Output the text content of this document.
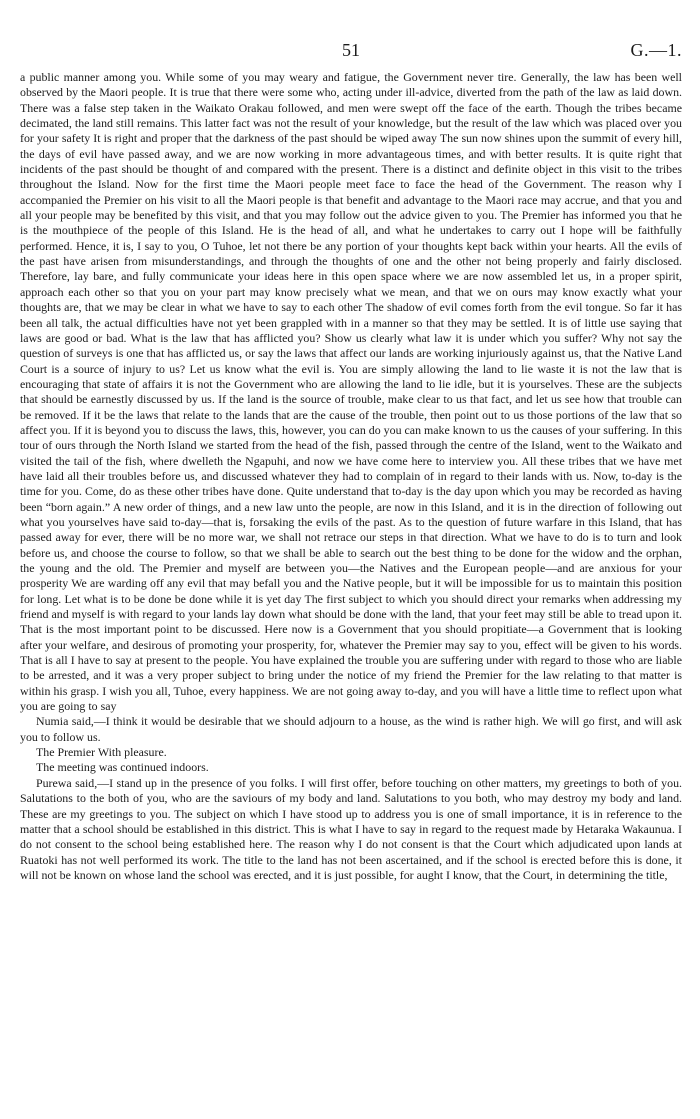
51	G.—1.

a public manner among you. While some of you may weary and fatigue, the Government never tire. Generally, the law has been well observed by the Maori people. It is true that there were some who, acting under ill-advice, diverted from the path of the law as laid down. There was a false step taken in the Waikato Orakau followed, and men were swept off the face of the earth. Though the tribes became decimated, the land still remains. This latter fact was not the result of your knowledge, but the result of the law which was placed over you for your safety It is right and proper that the darkness of the past should be wiped away The sun now shines upon the summit of every hill, the days of evil have passed away, and we are now working in more advantageous times, and with better results. It is quite right that incidents of the past should be thought of and compared with the present. There is a distinct and definite object in this visit to the tribes throughout the Island. Now for the first time the Maori people meet face to face the head of the Government. The reason why I accompanied the Premier on his visit to all the Maori people is that benefit and advantage to the Maori race may accrue, and that you and all your people may be benefited by this visit, and that you may follow out the advice given to you. The Premier has informed you that he is the mouthpiece of the people of this Island. He is the head of all, and what he undertakes to carry out I hope will be faithfully performed. Hence, it is, I say to you, O Tuhoe, let not there be any portion of your thoughts kept back within your hearts. All the evils of the past have arisen from misunderstandings, and through the thoughts of one and the other not being properly and fairly disclosed. Therefore, lay bare, and fully communicate your ideas here in this open space where we are now assembled let us, in a proper spirit, approach each other so that you on your part may know precisely what we mean, and that we on ours may know exactly what your thoughts are, that we may be clear in what we have to say to each other The shadow of evil comes forth from the evil tongue. So far it has been all talk, the actual difficulties have not yet been grappled with in a manner so that they may be settled. It is of little use saying that laws are good or bad. What is the law that has afflicted you? Show us clearly what law it is under which you suffer? Why not say the question of surveys is one that has afflicted us, or say the laws that affect our lands are working injuriously against us, that the Native Land Court is a source of injury to us? Let us know what the evil is. You are simply allowing the land to lie waste it is not the law that is encouraging that state of affairs it is not the Government who are allowing the land to lie idle, but it is yourselves. These are the subjects that should be earnestly discussed by us. If the land is the source of trouble, make clear to us that fact, and let us see how that trouble can be removed. If it be the laws that relate to the lands that are the cause of the trouble, then point out to us those portions of the law that so affect you. If it is beyond you to discuss the laws, this, however, you can do you can make known to us the causes of your suffering. In this tour of ours through the North Island we started from the head of the fish, passed through the centre of the Island, went to the Waikato and visited the tail of the fish, where dwelleth the Ngapuhi, and now we have come here to interview you. All these tribes that we have met have laid all their troubles before us, and discussed whatever they had to complain of in regard to their lands with us. Now, to-day is the time for you. Come, do as these other tribes have done. Quite understand that to-day is the day upon which you may be recorded as having been “born again.” A new order of things, and a new law unto the people, are now in this Island, and it is in the direction of following out what you yourselves have said to-day—that is, forsaking the evils of the past. As to the question of future warfare in this Island, that has passed away for ever, there will be no more war, we shall not retrace our steps in that direction. What we have to do is to turn and look before us, and choose the course to follow, so that we shall be able to search out the best thing to be done for the widow and the orphan, the young and the old. The Premier and myself are between you—the Natives and the European people—and are anxious for your prosperity We are warding off any evil that may befall you and the Native people, but it will be impossible for us to maintain this position for long. Let what is to be done be done while it is yet day The first subject to which you should direct your remarks when addressing my friend and myself is with regard to your lands lay down what should be done with the land, that your feet may still be able to tread upon it. That is the most important point to be discussed. Here now is a Government that you should propitiate—a Government that is looking after your welfare, and desirous of promoting your prosperity, for, whatever the Premier may say to you, effect will be given to his words. That is all I have to say at present to the people. You have explained the trouble you are suffering under with regard to those who are liable to be arrested, and it was a very proper subject to bring under the notice of my friend the Premier for the law relating to that matter is within his grasp. I wish you all, Tuhoe, every happiness. We are not going away to-day, and you will have a little time to reflect upon what you are going to say

Numia said,—I think it would be desirable that we should adjourn to a house, as the wind is rather high. We will go first, and will ask you to follow us.

The Premier With pleasure.

The meeting was continued indoors.

Purewa said,—I stand up in the presence of you folks. I will first offer, before touching on other matters, my greetings to both of you. Salutations to the both of you, who are the saviours of my body and land. Salutations to you both, who may destroy my body and land. These are my greetings to you. The subject on which I have stood up to address you is one of small importance, it is in reference to the matter that a school should be established in this district. This is what I have to say in regard to the request made by Hetaraka Wakaunua. I do not consent to the school being established here. The reason why I do not consent is that the Court which adjudicated upon lands at Ruatoki has not well performed its work. The title to the land has not been ascertained, and if the school is erected before this is done, it will not be known on whose land the school was erected, and it is just possible, for aught I know, that the Court, in determining the title,
